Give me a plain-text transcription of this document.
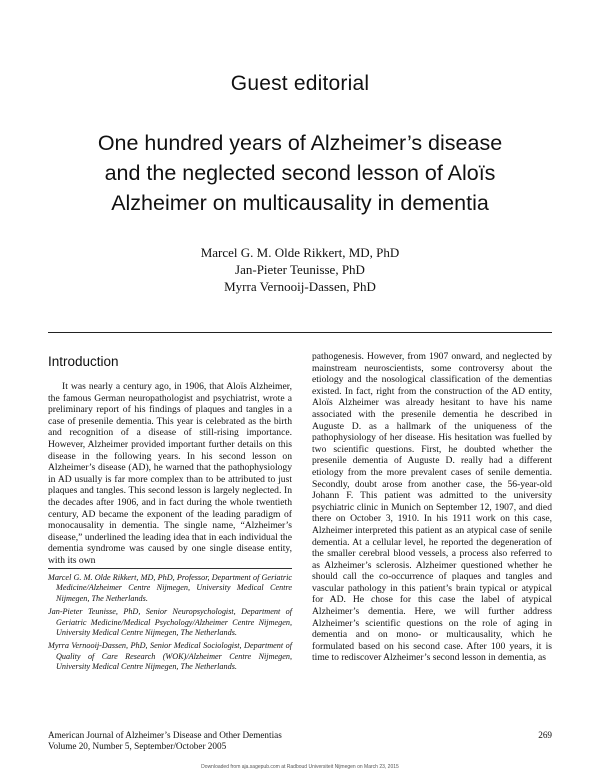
Guest editorial
One hundred years of Alzheimer’s disease
and the neglected second lesson of Aloïs
Alzheimer on multicausality in dementia
Marcel G. M. Olde Rikkert, MD, PhD
Jan-Pieter Teunisse, PhD
Myrra Vernooij-Dassen, PhD
Introduction
It was nearly a century ago, in 1906, that Aloïs Alzheimer, the famous German neuropathologist and psychiatrist, wrote a preliminary report of his findings of plaques and tangles in a case of presenile dementia. This year is celebrated as the birth and recognition of a disease of still-rising importance. However, Alzheimer provided important further details on this disease in the following years. In his second lesson on Alzheimer’s disease (AD), he warned that the pathophysiology in AD usually is far more complex than to be attributed to just plaques and tangles. This second lesson is largely neglected. In the decades after 1906, and in fact during the whole twentieth century, AD became the exponent of the leading paradigm of monocausality in dementia. The single name, “Alzheimer’s disease,” underlined the leading idea that in each individual the dementia syndrome was caused by one single disease entity, with its own
pathogenesis. However, from 1907 onward, and neglected by mainstream neuroscientists, some controversy about the etiology and the nosological classification of the dementias existed. In fact, right from the construction of the AD entity, Aloïs Alzheimer was already hesitant to have his name associated with the presenile dementia he described in Auguste D. as a hallmark of the uniqueness of the pathophysiology of her disease. His hesitation was fuelled by two scientific questions. First, he doubted whether the presenile dementia of Auguste D. really had a different etiology from the more prevalent cases of senile dementia. Secondly, doubt arose from another case, the 56-year-old Johann F. This patient was admitted to the university psychiatric clinic in Munich on September 12, 1907, and died there on October 3, 1910. In his 1911 work on this case, Alzheimer interpreted this patient as an atypical case of senile dementia. At a cellular level, he reported the degeneration of the smaller cerebral blood vessels, a process also referred to as Alzheimer’s sclerosis. Alzheimer questioned whether he should call the co-occurrence of plaques and tangles and vascular pathology in this patient’s brain typical or atypical for AD. He chose for this case the label of atypical Alzheimer’s dementia. Here, we will further address Alzheimer’s scientific questions on the role of aging in dementia and on mono- or multicausality, which he formulated based on his second case. After 100 years, it is time to rediscover Alzheimer’s second lesson in dementia, as

Marcel G. M. Olde Rikkert, MD, PhD, Professor, Department of Geriatric Medicine/Alzheimer Centre Nijmegen, University Medical Centre Nijmegen, The Netherlands.

Jan-Pieter Teunisse, PhD, Senior Neuropsychologist, Department of Geriatric Medicine/Medical Psychology/Alzheimer Centre Nijmegen, University Medical Centre Nijmegen, The Netherlands.

Myrra Vernooij-Dassen, PhD, Senior Medical Sociologist, Department of Quality of Care Research (WOK)/Alzheimer Centre Nijmegen, University Medical Centre Nijmegen, The Netherlands.

American Journal of Alzheimer’s Disease and Other Dementias
Volume 20, Number 5, September/October 2005
269
Downloaded from aja.sagepub.com at Radboud Universiteit Nijmegen on March 23, 2015
